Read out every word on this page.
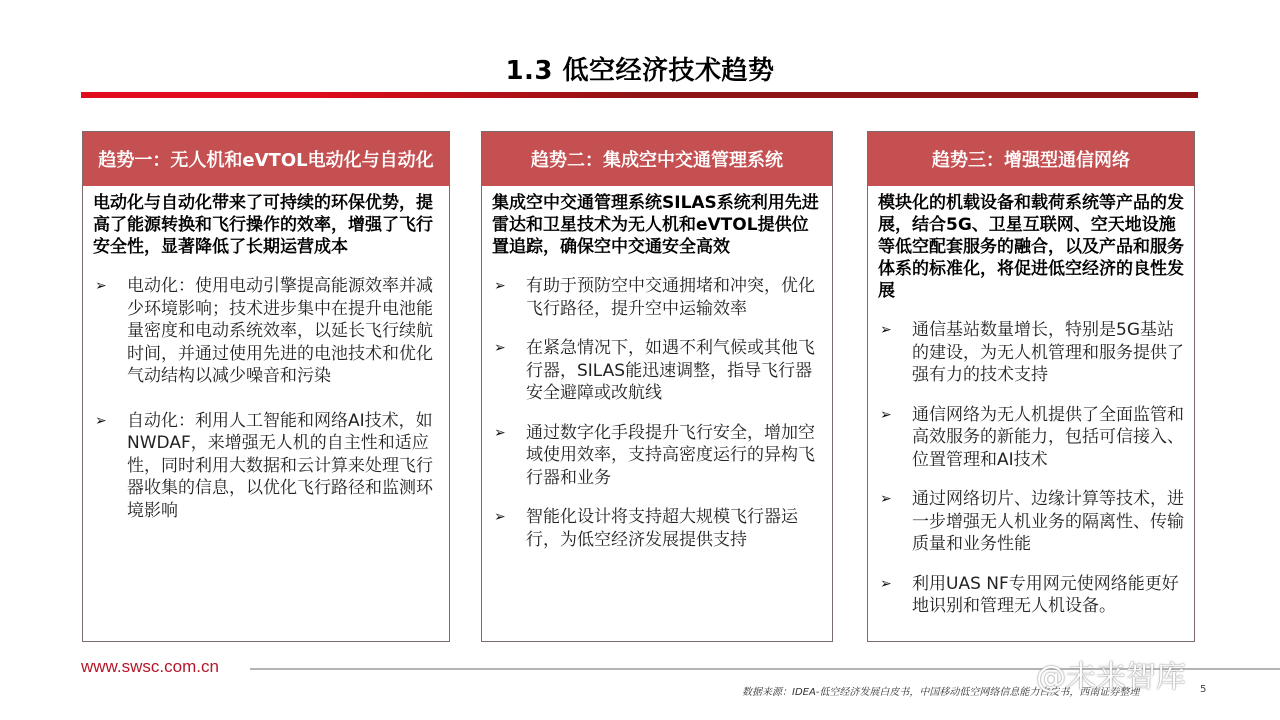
1.3 低空经济技术趋势
趋势一：无人机和eVTOL电动化与自动化
电动化与自动化带来了可持续的环保优势，提高了能源转换和飞行操作的效率，增强了飞行安全性，显著降低了长期运营成本
➢	电动化：使用电动引擎提高能源效率并减少环境影响；技术进步集中在提升电池能量密度和电动系统效率，以延长飞行续航时间，并通过使用先进的电池技术和优化气动结构以减少噪音和污染
➢	自动化：利用人工智能和网络AI技术，如NWDAF，来增强无人机的自主性和适应性，同时利用大数据和云计算来处理飞行器收集的信息，以优化飞行路径和监测环境影响
趋势二：集成空中交通管理系统
集成空中交通管理系统SILAS系统利用先进雷达和卫星技术为无人机和eVTOL提供位置追踪，确保空中交通安全高效
➢	有助于预防空中交通拥堵和冲突，优化飞行路径，提升空中运输效率
➢	在紧急情况下，如遇不利气候或其他飞行器，SILAS能迅速调整，指导飞行器安全避障或改航线
➢	通过数字化手段提升飞行安全，增加空域使用效率，支持高密度运行的异构飞行器和业务
➢	智能化设计将支持超大规模飞行器运行，为低空经济发展提供支持
趋势三：增强型通信网络
模块化的机载设备和载荷系统等产品的发展，结合5G、卫星互联网、空天地设施等低空配套服务的融合，以及产品和服务体系的标准化，将促进低空经济的良性发展
➢	通信基站数量增长，特别是5G基站的建设，为无人机管理和服务提供了强有力的技术支持
➢	通信网络为无人机提供了全面监管和高效服务的新能力，包括可信接入、位置管理和AI技术
➢	通过网络切片、边缘计算等技术，进一步增强无人机业务的隔离性、传输质量和业务性能
➢	利用UAS NF专用网元使网络能更好地识别和管理无人机设备。
www.swsc.com.cn
数据来源：IDEA-低空经济发展白皮书，中国移动低空网络信息能力白皮书，西南证券整理
@未来智库 5
